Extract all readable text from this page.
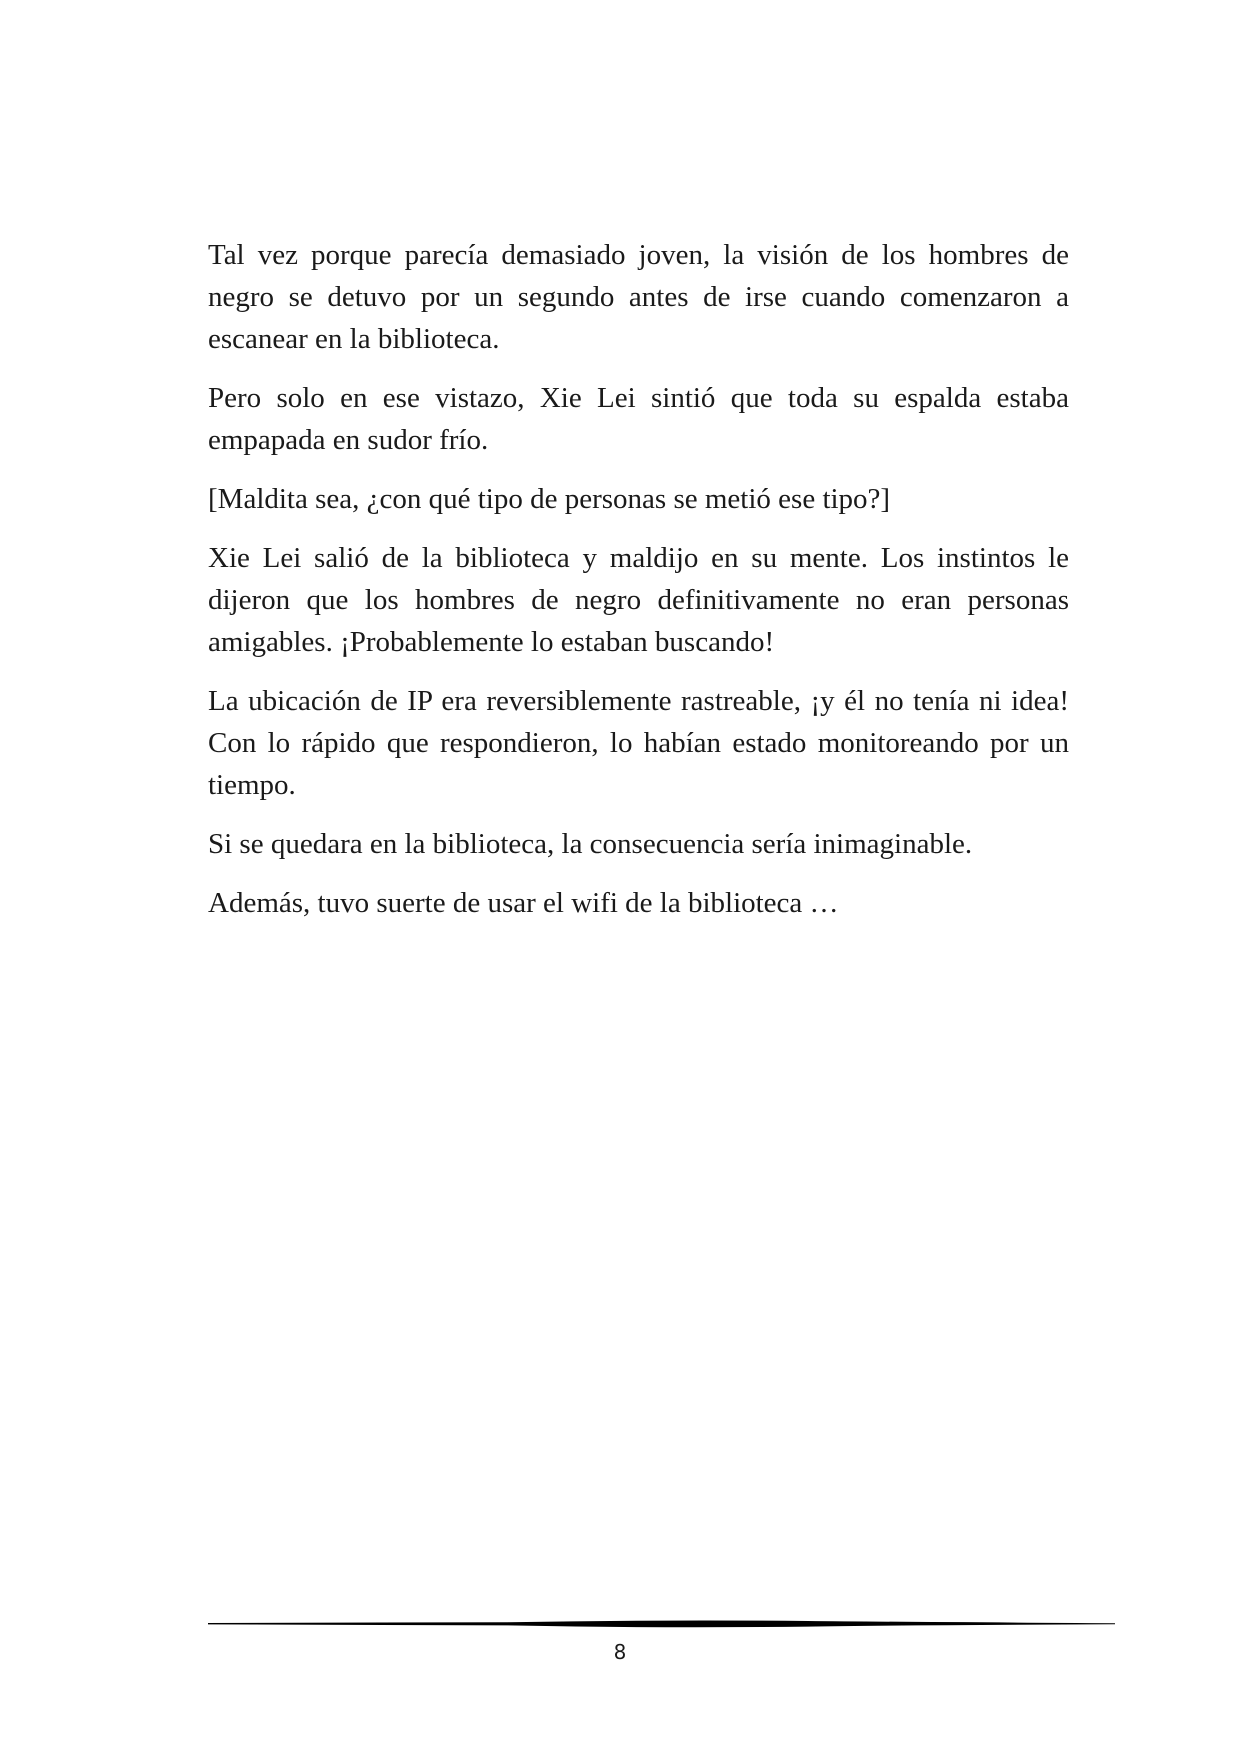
Tal vez porque parecía demasiado joven, la visión de los hombres de negro se detuvo por un segundo antes de irse cuando comenzaron a escanear en la biblioteca.

Pero solo en ese vistazo, Xie Lei sintió que toda su espalda estaba empapada en sudor frío.

[Maldita sea, ¿con qué tipo de personas se metió ese tipo?]

Xie Lei salió de la biblioteca y maldijo en su mente. Los instintos le dijeron que los hombres de negro definitivamente no eran personas amigables. ¡Probablemente lo estaban buscando!

La ubicación de IP era reversiblemente rastreable, ¡y él no tenía ni idea! Con lo rápido que respondieron, lo habían estado monitoreando por un tiempo.

Si se quedara en la biblioteca, la consecuencia sería inimaginable.

Además, tuvo suerte de usar el wifi de la biblioteca …

8
